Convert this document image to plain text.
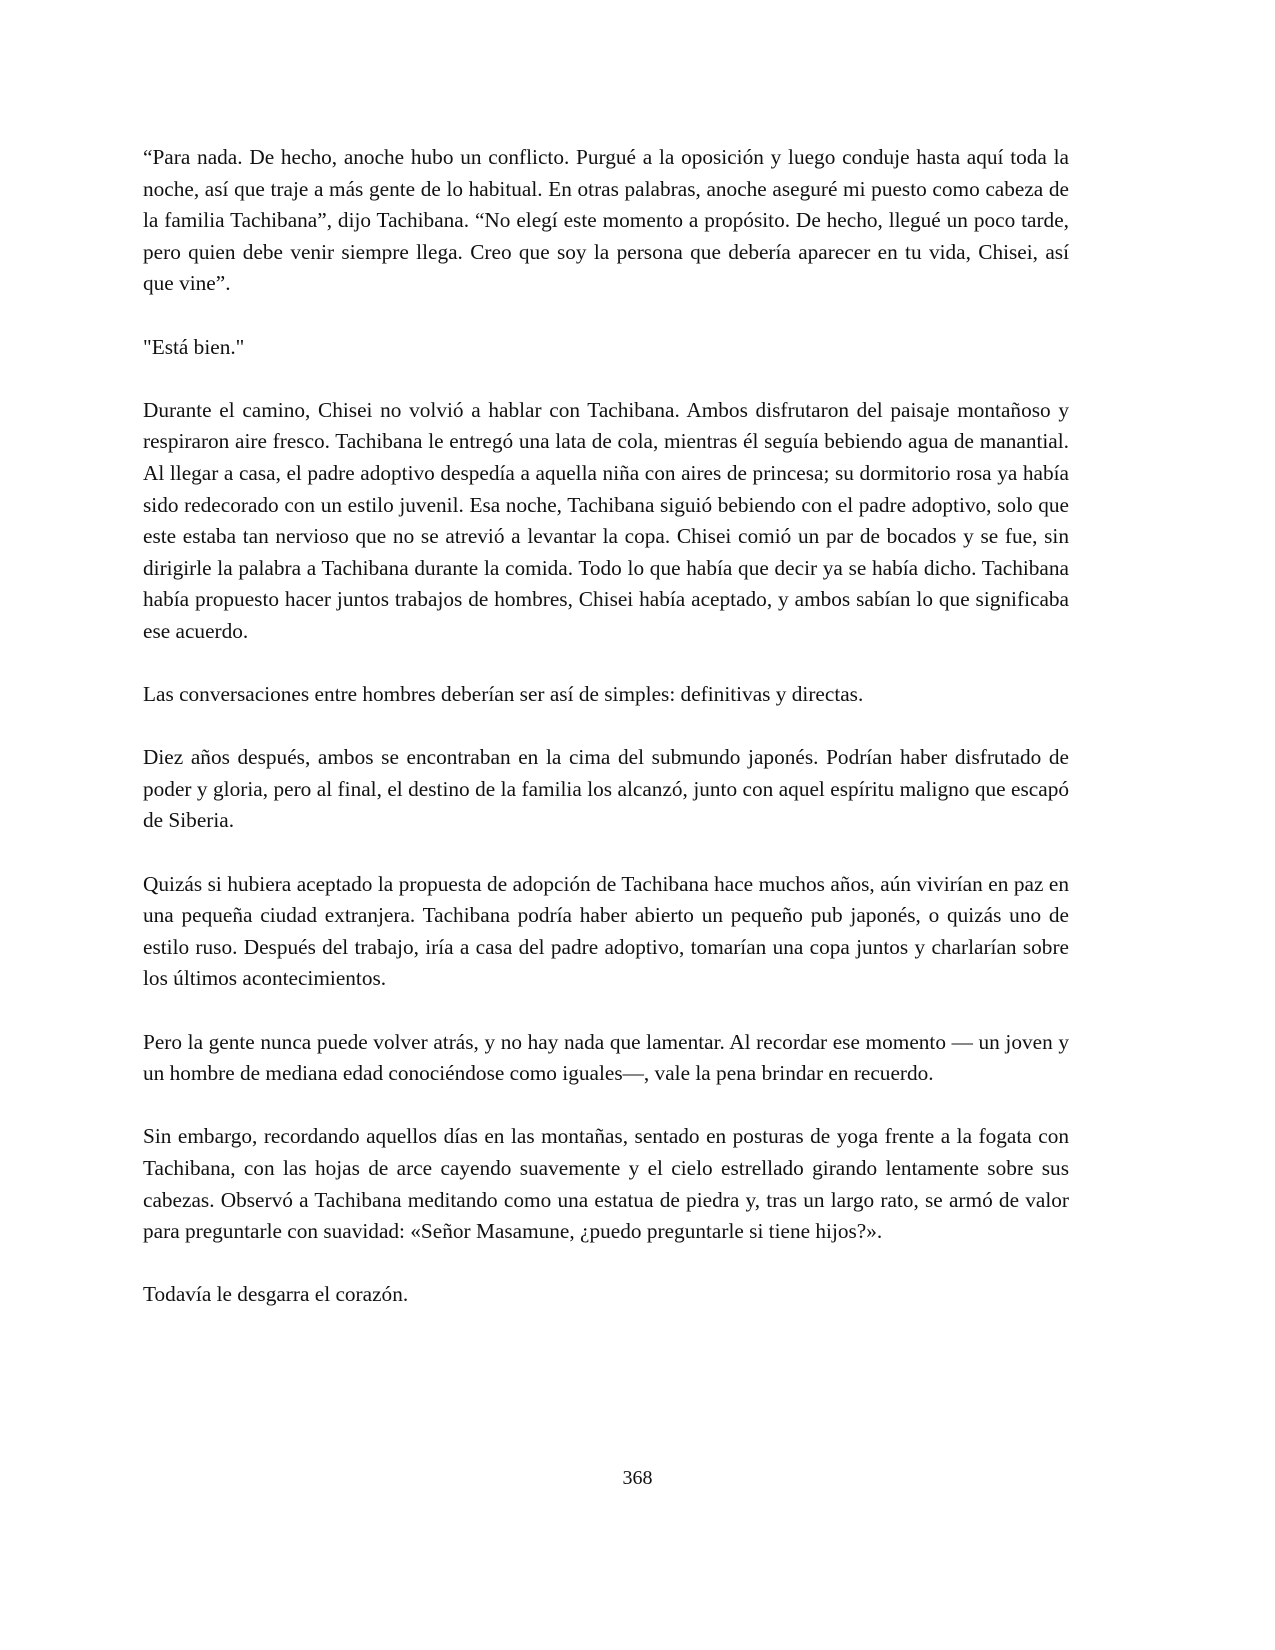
“Para nada. De hecho, anoche hubo un conflicto. Purgué a la oposición y luego conduje hasta aquí toda la noche, así que traje a más gente de lo habitual. En otras palabras, anoche aseguré mi puesto como cabeza de la familia Tachibana”, dijo Tachibana. “No elegí este momento a propósito. De hecho, llegué un poco tarde, pero quien debe venir siempre llega. Creo que soy la persona que debería aparecer en tu vida, Chisei, así que vine”.

"Está bien."

Durante el camino, Chisei no volvió a hablar con Tachibana. Ambos disfrutaron del paisaje montañoso y respiraron aire fresco. Tachibana le entregó una lata de cola, mientras él seguía bebiendo agua de manantial. Al llegar a casa, el padre adoptivo despedía a aquella niña con aires de princesa; su dormitorio rosa ya había sido redecorado con un estilo juvenil. Esa noche, Tachibana siguió bebiendo con el padre adoptivo, solo que este estaba tan nervioso que no se atrevió a levantar la copa. Chisei comió un par de bocados y se fue, sin dirigirle la palabra a Tachibana durante la comida. Todo lo que había que decir ya se había dicho. Tachibana había propuesto hacer juntos trabajos de hombres, Chisei había aceptado, y ambos sabían lo que significaba ese acuerdo.

Las conversaciones entre hombres deberían ser así de simples: definitivas y directas.

Diez años después, ambos se encontraban en la cima del submundo japonés. Podrían haber disfrutado de poder y gloria, pero al final, el destino de la familia los alcanzó, junto con aquel espíritu maligno que escapó de Siberia.

Quizás si hubiera aceptado la propuesta de adopción de Tachibana hace muchos años, aún vivirían en paz en una pequeña ciudad extranjera. Tachibana podría haber abierto un pequeño pub japonés, o quizás uno de estilo ruso. Después del trabajo, iría a casa del padre adoptivo, tomarían una copa juntos y charlarían sobre los últimos acontecimientos.

Pero la gente nunca puede volver atrás, y no hay nada que lamentar. Al recordar ese momento — un joven y un hombre de mediana edad conociéndose como iguales—, vale la pena brindar en recuerdo.

Sin embargo, recordando aquellos días en las montañas, sentado en posturas de yoga frente a la fogata con Tachibana, con las hojas de arce cayendo suavemente y el cielo estrellado girando lentamente sobre sus cabezas. Observó a Tachibana meditando como una estatua de piedra y, tras un largo rato, se armó de valor para preguntarle con suavidad: «Señor Masamune, ¿puedo preguntarle si tiene hijos?».

Todavía le desgarra el corazón.

368
